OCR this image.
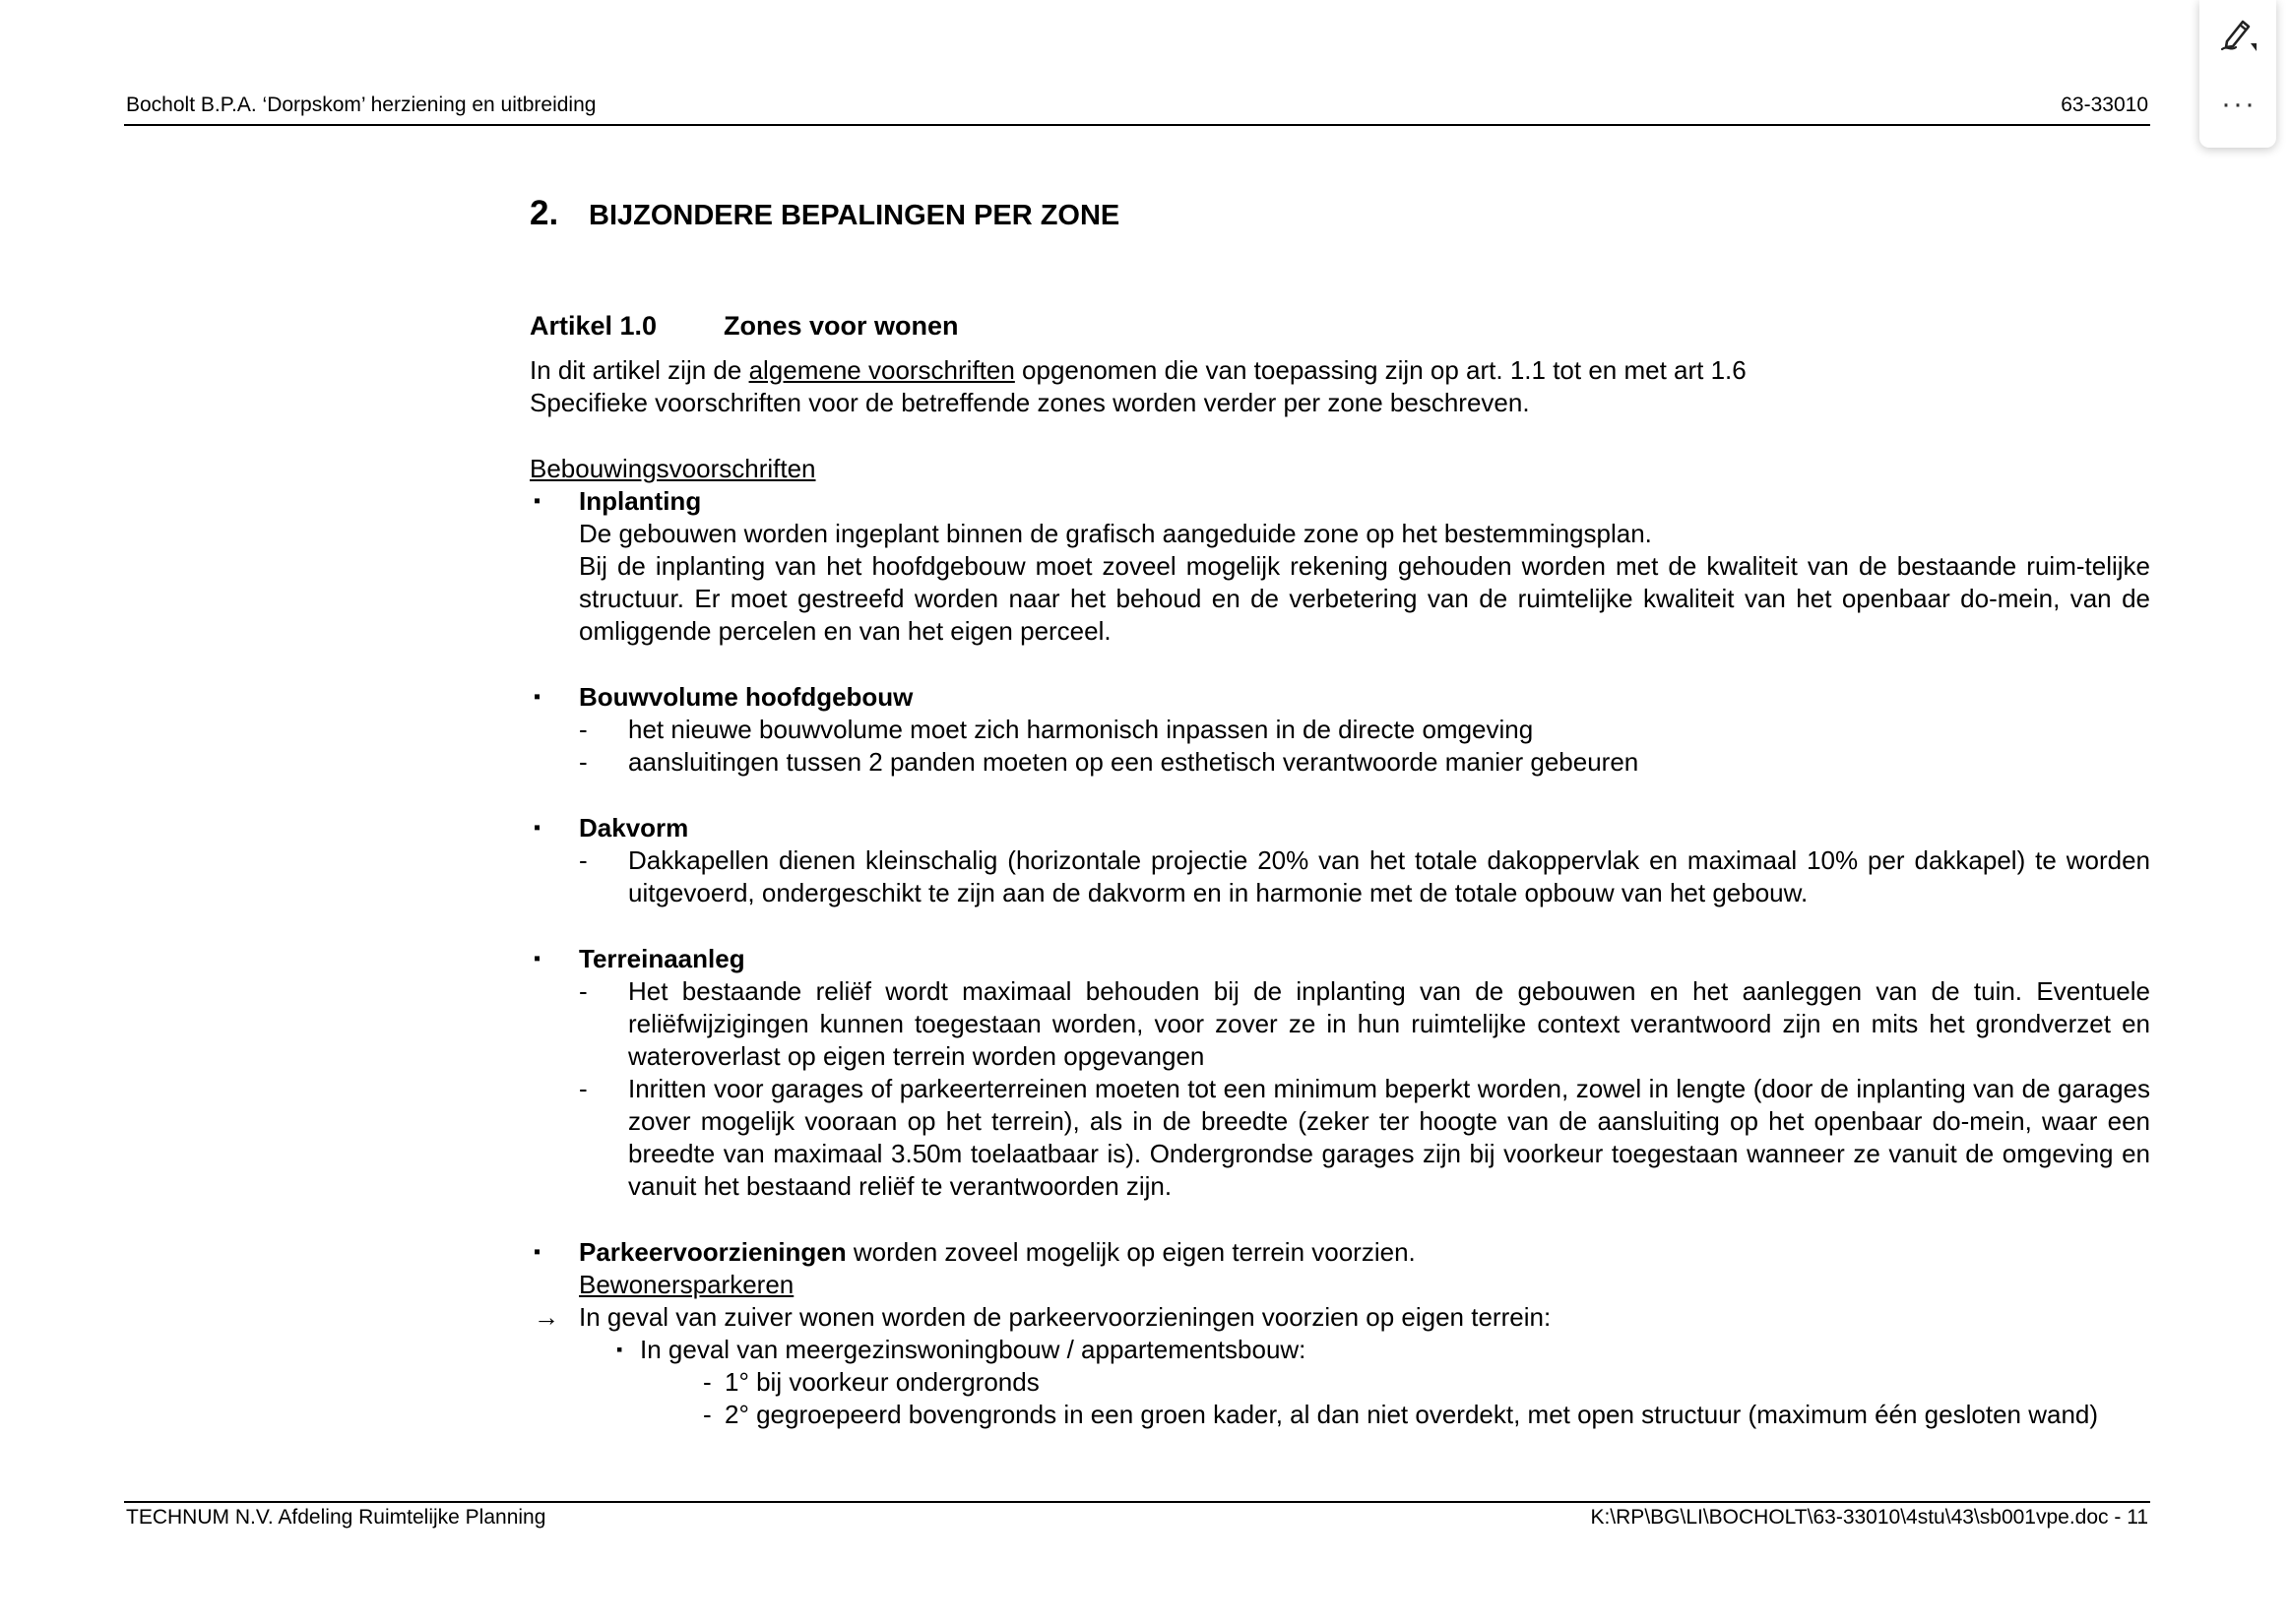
Bocholt B.P.A. ‘Dorpskom’ herziening en uitbreiding	63-33010
2.	BIJZONDERE BEPALINGEN PER ZONE
Artikel 1.0	Zones voor wonen

In dit artikel zijn de algemene voorschriften opgenomen die van toepassing zijn op art. 1.1 tot en met art 1.6

Specifieke voorschriften voor de betreffende zones worden verder per zone beschreven.

Bebouwingsvoorschriften
▪ Inplanting
De gebouwen worden ingeplant binnen de grafisch aangeduide zone op het bestemmingsplan.
Bij de inplanting van het hoofdgebouw moet zoveel mogelijk rekening gehouden worden met de kwaliteit van de bestaande ruim-telijke structuur. Er moet gestreefd worden naar het behoud en de verbetering van de ruimtelijke kwaliteit van het openbaar do-mein, van de omliggende percelen en van het eigen perceel.
▪ Bouwvolume hoofdgebouw
- het nieuwe bouwvolume moet zich harmonisch inpassen in de directe omgeving
- aansluitingen tussen 2 panden moeten op een esthetisch verantwoorde manier gebeuren
▪ Dakvorm
- Dakkapellen dienen kleinschalig (horizontale projectie 20% van het totale dakoppervlak en maximaal 10% per dakkapel) te worden uitgevoerd, ondergeschikt te zijn aan de dakvorm en in harmonie met de totale opbouw van het gebouw.
▪ Terreinaanleg
- Het bestaande reliëf wordt maximaal behouden bij de inplanting van de gebouwen en het aanleggen van de tuin. Eventuele reliëfwijzigingen kunnen toegestaan worden, voor zover ze in hun ruimtelijke context verantwoord zijn en mits het grondverzet en wateroverlast op eigen terrein worden opgevangen
- Inritten voor garages of parkeerterreinen moeten tot een minimum beperkt worden, zowel in lengte (door de inplanting van de garages zover mogelijk vooraan op het terrein), als in de breedte (zeker ter hoogte van de aansluiting op het openbaar do-mein, waar een breedte van maximaal 3.50m toelaatbaar is). Ondergrondse garages zijn bij voorkeur toegestaan wanneer ze vanuit de omgeving en vanuit het bestaand reliëf te verantwoorden zijn.
▪ Parkeervoorzieningen worden zoveel mogelijk op eigen terrein voorzien.
Bewonersparkeren
→ In geval van zuiver wonen worden de parkeervoorzieningen voorzien op eigen terrein:
▪ In geval van meergezinswoningbouw / appartementsbouw:
- 1° bij voorkeur ondergronds
- 2° gegroepeerd bovengronds in een groen kader, al dan niet overdekt, met open structuur (maximum één gesloten wand)
TECHNUM N.V. Afdeling Ruimtelijke Planning	K:\RP\BG\LI\BOCHOLT\63-33010\4stu\43\sb001vpe.doc - 11
···
